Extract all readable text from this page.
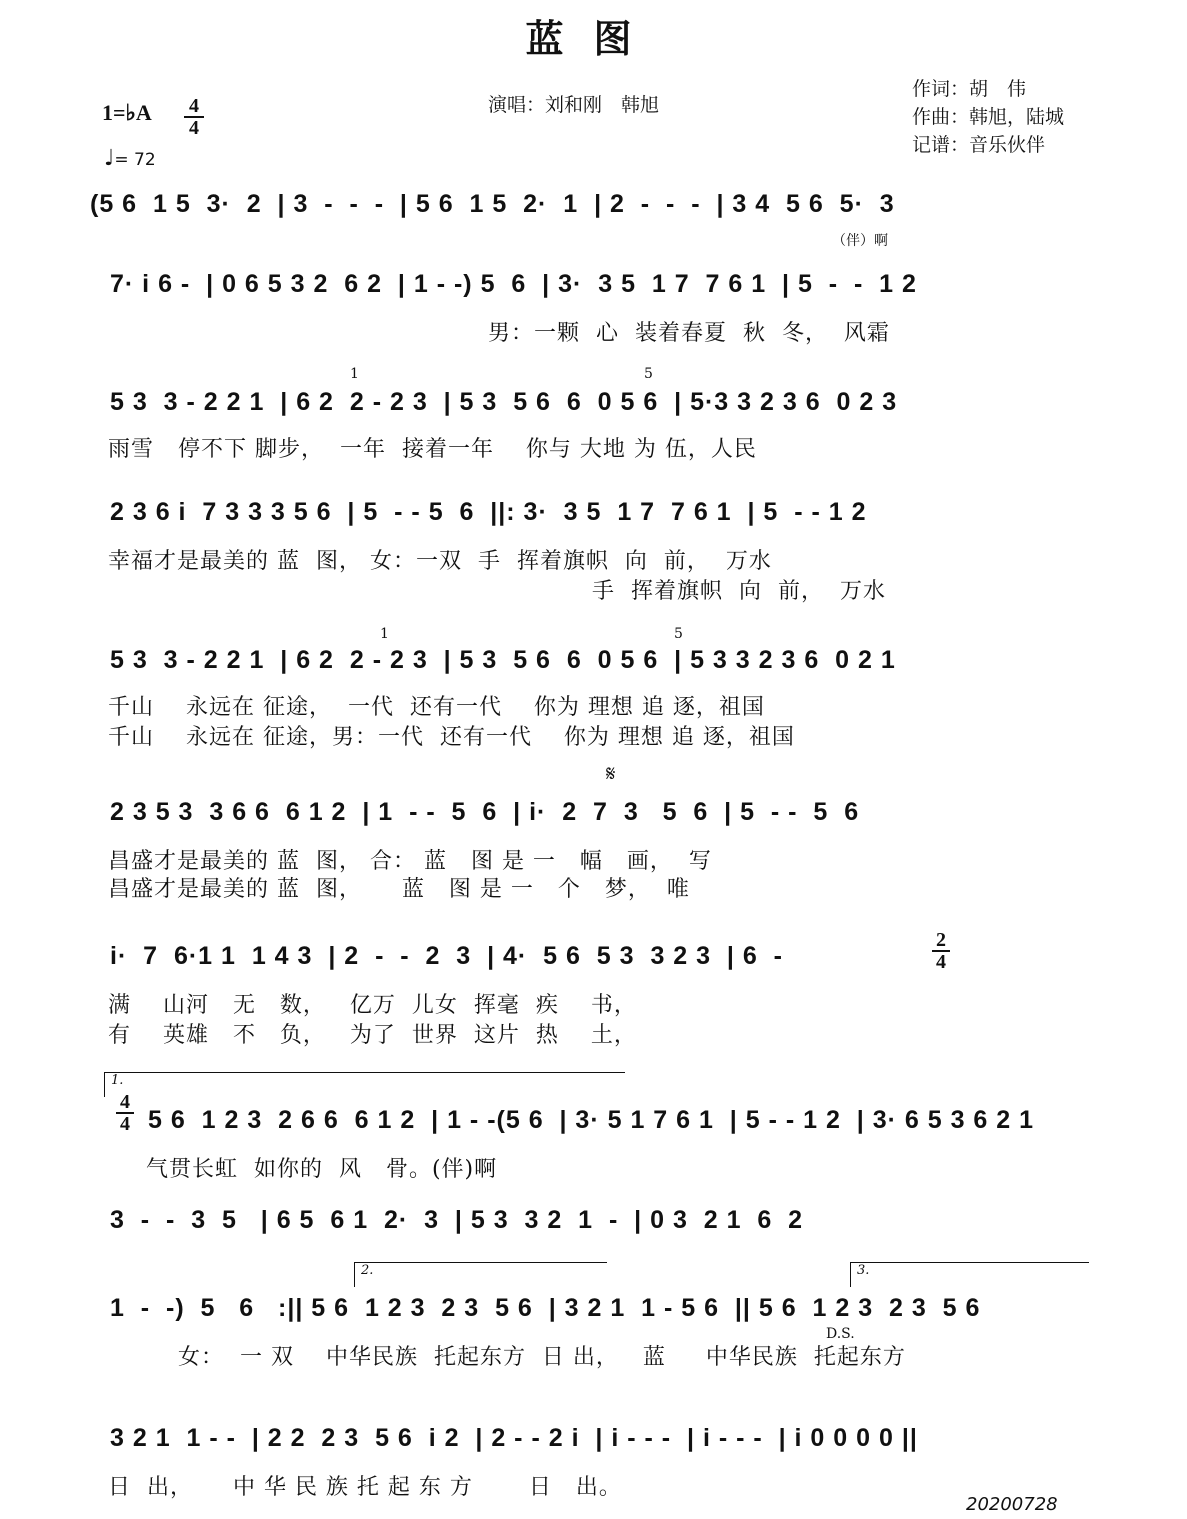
蓝图
演唱：刘和刚　韩旭
作词：胡　伟
作曲：韩旭，陆城
记谱：音乐伙伴
1=♭A 4
4
♩= 72
(5 6  1 5  3·  2  | 3  -  -  -  | 5 6  1 5  2·  1  | 2  -  -  -  | 3 4  5 6  5·  3
（伴）啊
7· i 6 -  | 0 6 5 3 2  6 2  | 1 - -) 5  6  | 3·  3 5  1 7  7 6 1  | 5  -  -  1 2
男：一颗  心  装着春夏  秋  冬，  风霜
5 3  3 - 2 2 1  | 6 2  2 - 2 3  | 5 3  5 6  6  0 5 6  | 5·3 3 2 3 6  0 2 3
1	5
雨雪   停不下 脚步，  一年  接着一年    你与 大地 为 伍，人民
2 3 6 i  7 3 3 3 5 6  | 5  - - 5  6  ||: 3·  3 5  1 7  7 6 1  | 5  - - 1 2
幸福才是最美的 蓝  图， 女：一双  手  挥着旗帜  向  前，  万水
手  挥着旗帜  向  前，  万水
5 3  3 - 2 2 1  | 6 2  2 - 2 3  | 5 3  5 6  6  0 5 6  | 5 3 3 2 3 6  0 2 1
1	5
千山    永远在 征途，  一代  还有一代    你为 理想 追 逐，祖国
千山    永远在 征途，男：一代  还有一代    你为 理想 追 逐，祖国
𝄋
2 3 5 3  3 6 6  6 1 2  | 1  - -  5  6  | i·  2  7  3   5  6  | 5  - -  5  6
昌盛才是最美的 蓝  图， 合： 蓝   图 是 一   幅   画，  写
昌盛才是最美的 蓝  图，     蓝   图 是 一   个   梦，  唯
i·  7  6·1 1  1 4 3  | 2  -  -  2  3  | 4·  5 6  5 3  3 2 3  | 6  -
2
4
满    山河   无   数，   亿万  儿女  挥毫  疾    书，
有    英雄   不   负，   为了  世界  这片  热    土，
1.
4
4 5 6  1 2 3  2 6 6  6 1 2  | 1 - -(5 6  | 3· 5 1 7 6 1  | 5 - - 1 2  | 3· 6 5 3 6 2 1
气贯长虹  如你的  风   骨。(伴)啊
3  -  -  3  5   | 6 5  6 1  2·  3  | 5 3  3 2  1  -  | 0 3  2 1  6  2
2.	3.
1  -  -)  5   6   :|| 5 6  1 2 3  2 3  5 6  | 3 2 1  1 - 5 6  || 5 6  1 2 3  2 3  5 6
D.S.
女：  一 双    中华民族  托起东方  日 出，   蓝     中华民族  托起东方
3 2 1  1 - -  | 2 2  2 3  5 6  i 2  | 2 - - 2 i  | i - - -  | i - - -  | i 0 0 0 0 ||
日  出，     中 华 民 族 托 起 东 方       日   出。
20200728
